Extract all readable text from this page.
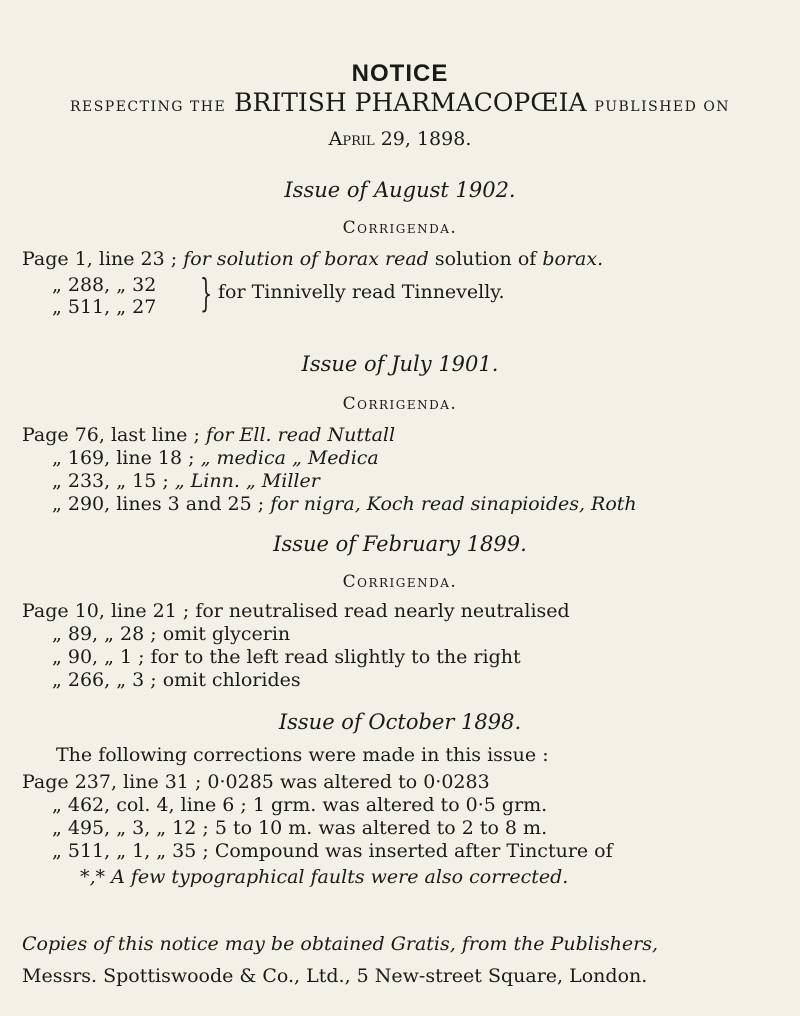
NOTICE
RESPECTING THE BRITISH PHARMACOPŒIA PUBLISHED ON
April 29, 1898.
Issue of August 1902.
Corrigenda.
Page 1, line 23 ; for solution of borax read solution of borax.
„ 288, „ 32
„ 511, „ 27 } for Tinnivelly read Tinnevelly.
Issue of July 1901.
Corrigenda.
Page 76, last line ; for Ell. read Nuttall
„ 169, line 18 ; „ medica „ Medica
„ 233, „ 15 ; „ Linn. „ Miller
„ 290, lines 3 and 25 ; for nigra, Koch read sinapioides, Roth
Issue of February 1899.
Corrigenda.
Page 10, line 21 ; for neutralised read nearly neutralised
„ 89, „ 28 ; omit glycerin
„ 90, „ 1 ; for to the left read slightly to the right
„ 266, „ 3 ; omit chlorides
Issue of October 1898.
The following corrections were made in this issue :
Page 237, line 31 ; 0·0285 was altered to 0·0283
„ 462, col. 4, line 6 ; 1 grm. was altered to 0·5 grm.
„ 495, „ 3, „ 12 ; 5 to 10 m. was altered to 2 to 8 m.
„ 511, „ 1, „ 35 ; Compound was inserted after Tincture of
*‚* A few typographical faults were also corrected.
Copies of this notice may be obtained Gratis, from the Publishers,
Messrs. Spottiswoode & Co., Ltd., 5 New-street Square, London.
